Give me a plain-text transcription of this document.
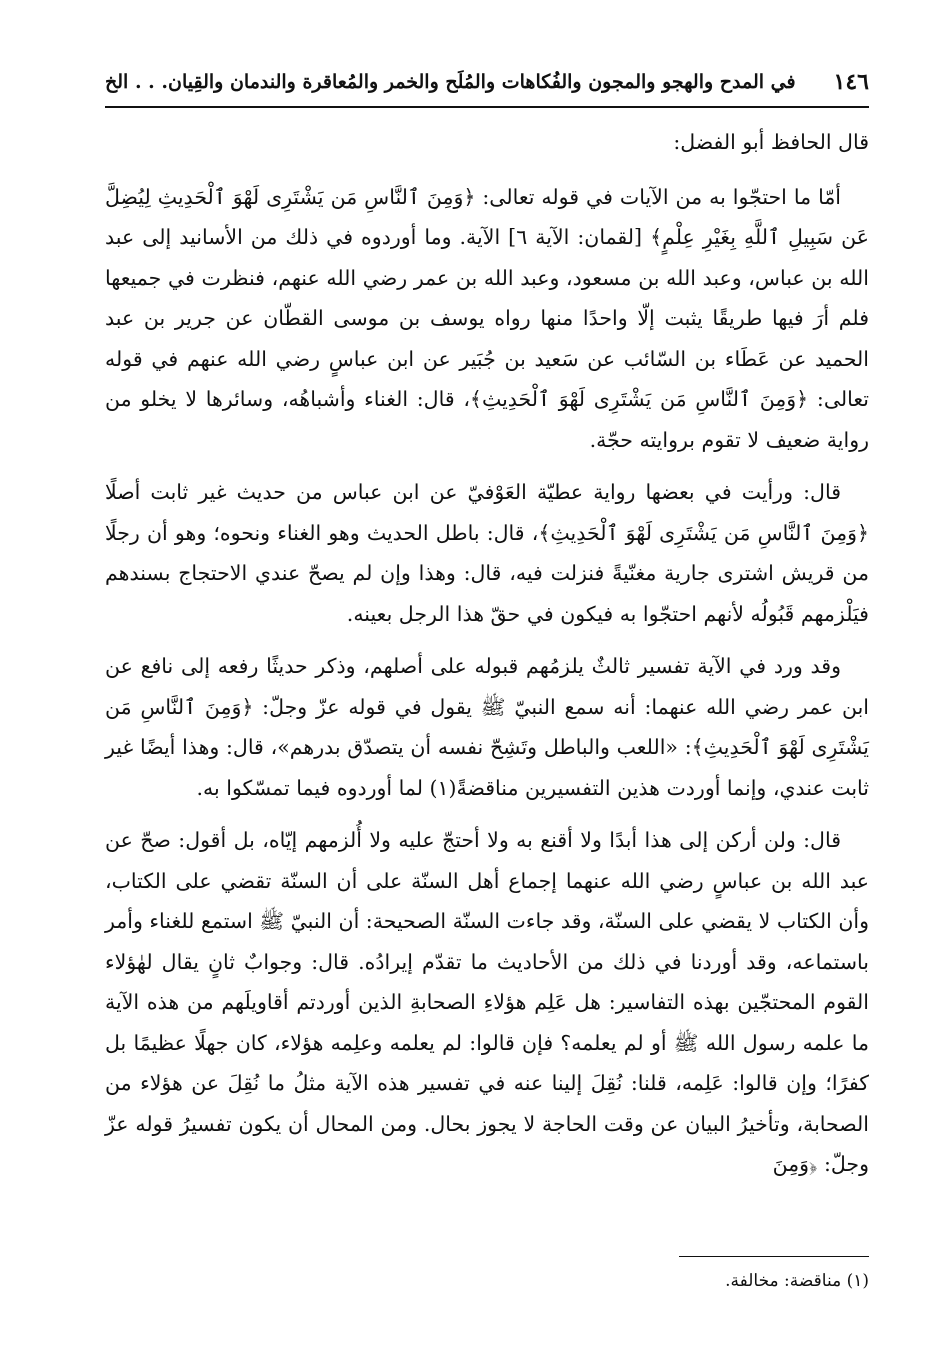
١٤٦
في المدح والهجو والمجون والفُكاهات والمُلَح والخمر والمُعاقرة والندمان والقِيان. . . الخ

قال الحافظ أبو الفضل:

أمّا ما احتجّوا به من الآيات في قوله تعالى: ﴿وَمِنَ ٱلنَّاسِ مَن يَشْتَرِى لَهْوَ ٱلْحَدِيثِ لِيُضِلَّ عَن سَبِيلِ ٱللَّهِ بِغَيْرِ عِلْمٍ﴾ [لقمان: الآية ٦] الآية. وما أوردوه في ذلك من الأسانيد إلى عبد الله بن عباس، وعبد الله بن مسعود، وعبد الله بن عمر رضي الله عنهم، فنظرت في جميعها فلم أرَ فيها طريقًا يثبت إلّا واحدًا منها رواه يوسف بن موسى القطّان عن جرير بن عبد الحميد عن عَطَاء بن السّائب عن سَعيد بن جُبَير عن ابن عباسٍ رضي الله عنهم في قوله تعالى: ﴿وَمِنَ ٱلنَّاسِ مَن يَشْتَرِى لَهْوَ ٱلْحَدِيثِ﴾، قال: الغناء وأشباهُه، وسائرها لا يخلو من رواية ضعيف لا تقوم بروايته حجّة.

قال: ورأيت في بعضها رواية عطيّة العَوْفيّ عن ابن عباس من حديث غير ثابت أصلًا ﴿وَمِنَ ٱلنَّاسِ مَن يَشْتَرِى لَهْوَ ٱلْحَدِيثِ﴾، قال: باطل الحديث وهو الغناء ونحوه؛ وهو أن رجلًا من قريش اشترى جارية مغنّيةً فنزلت فيه، قال: وهذا وإن لم يصحّ عندي الاحتجاج بسندهم فيَلْزمهم قَبُولُه لأنهم احتجّوا به فيكون في حقّ هذا الرجل بعينه.

وقد ورد في الآية تفسير ثالثٌ يلزمُهم قبوله على أصلهم، وذكر حديثًا رفعه إلى نافع عن ابن عمر رضي الله عنهما: أنه سمع النبيّ ﷺ يقول في قوله عزّ وجلّ: ﴿وَمِنَ ٱلنَّاسِ مَن يَشْتَرِى لَهْوَ ٱلْحَدِيثِ﴾: «اللعب والباطل وتَشِحّ نفسه أن يتصدّق بدرهم»، قال: وهذا أيضًا غير ثابت عندي، وإنما أوردت هذين التفسيرين مناقضةً(١) لما أوردوه فيما تمسّكوا به.

قال: ولن أركن إلى هذا أبدًا ولا أقنع به ولا أحتجّ عليه ولا أُلزمهم إيّاه، بل أقول: صحّ عن عبد الله بن عباسٍ رضي الله عنهما إجماع أهل السنّة على أن السنّة تقضي على الكتاب، وأن الكتاب لا يقضي على السنّة، وقد جاءت السنّة الصحيحة: أن النبيّ ﷺ استمع للغناء وأمر باستماعه، وقد أوردنا في ذلك من الأحاديث ما تقدّم إيرادُه. قال: وجوابٌ ثانٍ يقال لهٰؤلاء القوم المحتجّين بهذه التفاسير: هل عَلِم هؤلاءِ الصحابةِ الذين أوردتم أقاويلَهم من هذه الآية ما علمه رسول الله ﷺ أو لم يعلمه؟ فإن قالوا: لم يعلمه وعلِمه هؤلاء، كان جهلًا عظيمًا بل كفرًا؛ وإن قالوا: عَلِمه، قلنا: نُقِلَ إلينا عنه في تفسير هذه الآية مثلُ ما نُقِلَ عن هؤلاء من الصحابة، وتأخيرُ البيان عن وقت الحاجة لا يجوز بحال. ومن المحال أن يكون تفسيرُ قوله عزّ وجلّ: ﴿وَمِنَ

(١) مناقضة: مخالفة.
